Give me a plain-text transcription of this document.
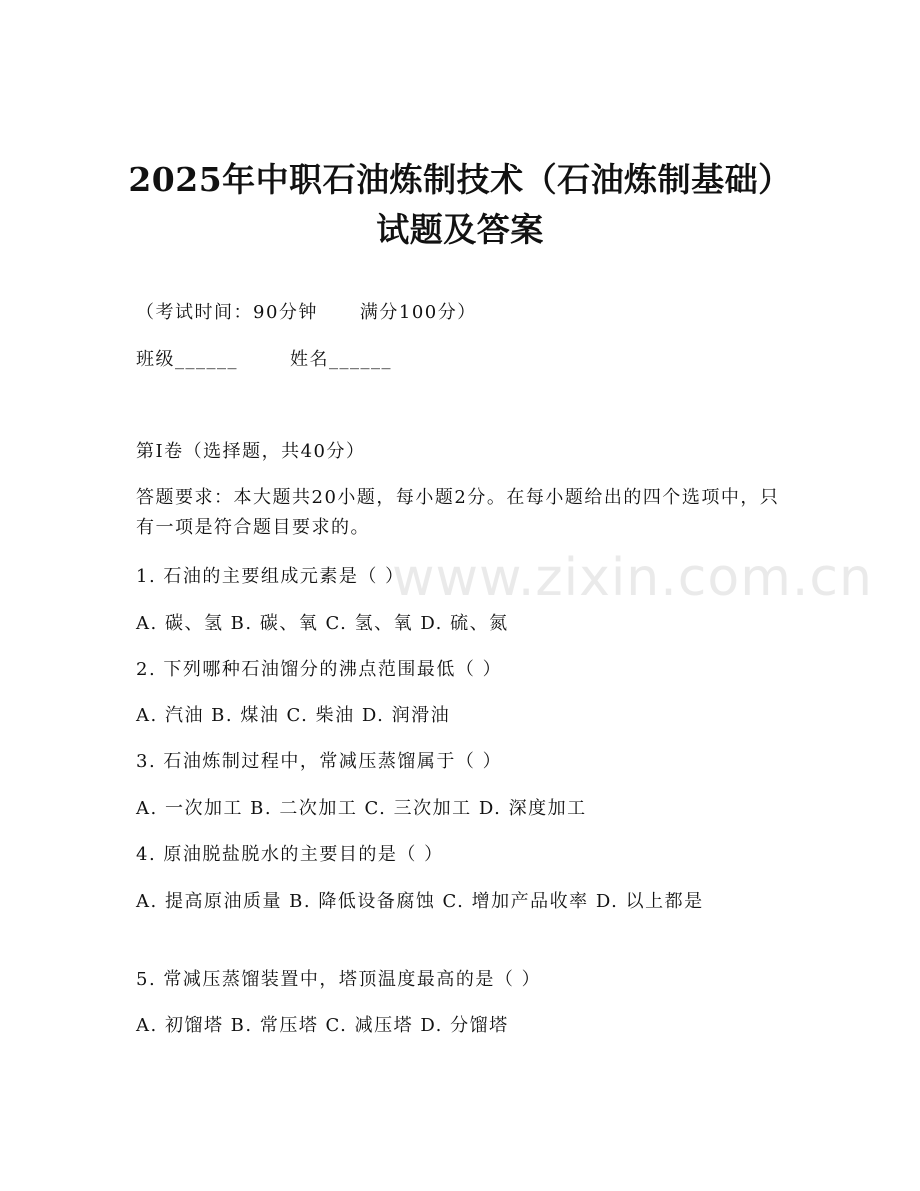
2025年中职石油炼制技术（石油炼制基础）
试题及答案
（考试时间：90分钟 满分100分）
班级______	姓名______
第I卷（选择题，共40分）
答题要求：本大题共20小题，每小题2分。在每小题给出的四个选项中，只有一项是符合题目要求的。
www.zixin.com.cn
1. 石油的主要组成元素是（ ）
A. 碳、氢 B. 碳、氧 C. 氢、氧 D. 硫、氮
2. 下列哪种石油馏分的沸点范围最低（ ）
A. 汽油 B. 煤油 C. 柴油 D. 润滑油
3. 石油炼制过程中，常减压蒸馏属于（ ）
A. 一次加工 B. 二次加工 C. 三次加工 D. 深度加工
4. 原油脱盐脱水的主要目的是（ ）
A. 提高原油质量 B. 降低设备腐蚀 C. 增加产品收率 D. 以上都是
5. 常减压蒸馏装置中，塔顶温度最高的是（ ）
A. 初馏塔 B. 常压塔 C. 减压塔 D. 分馏塔
